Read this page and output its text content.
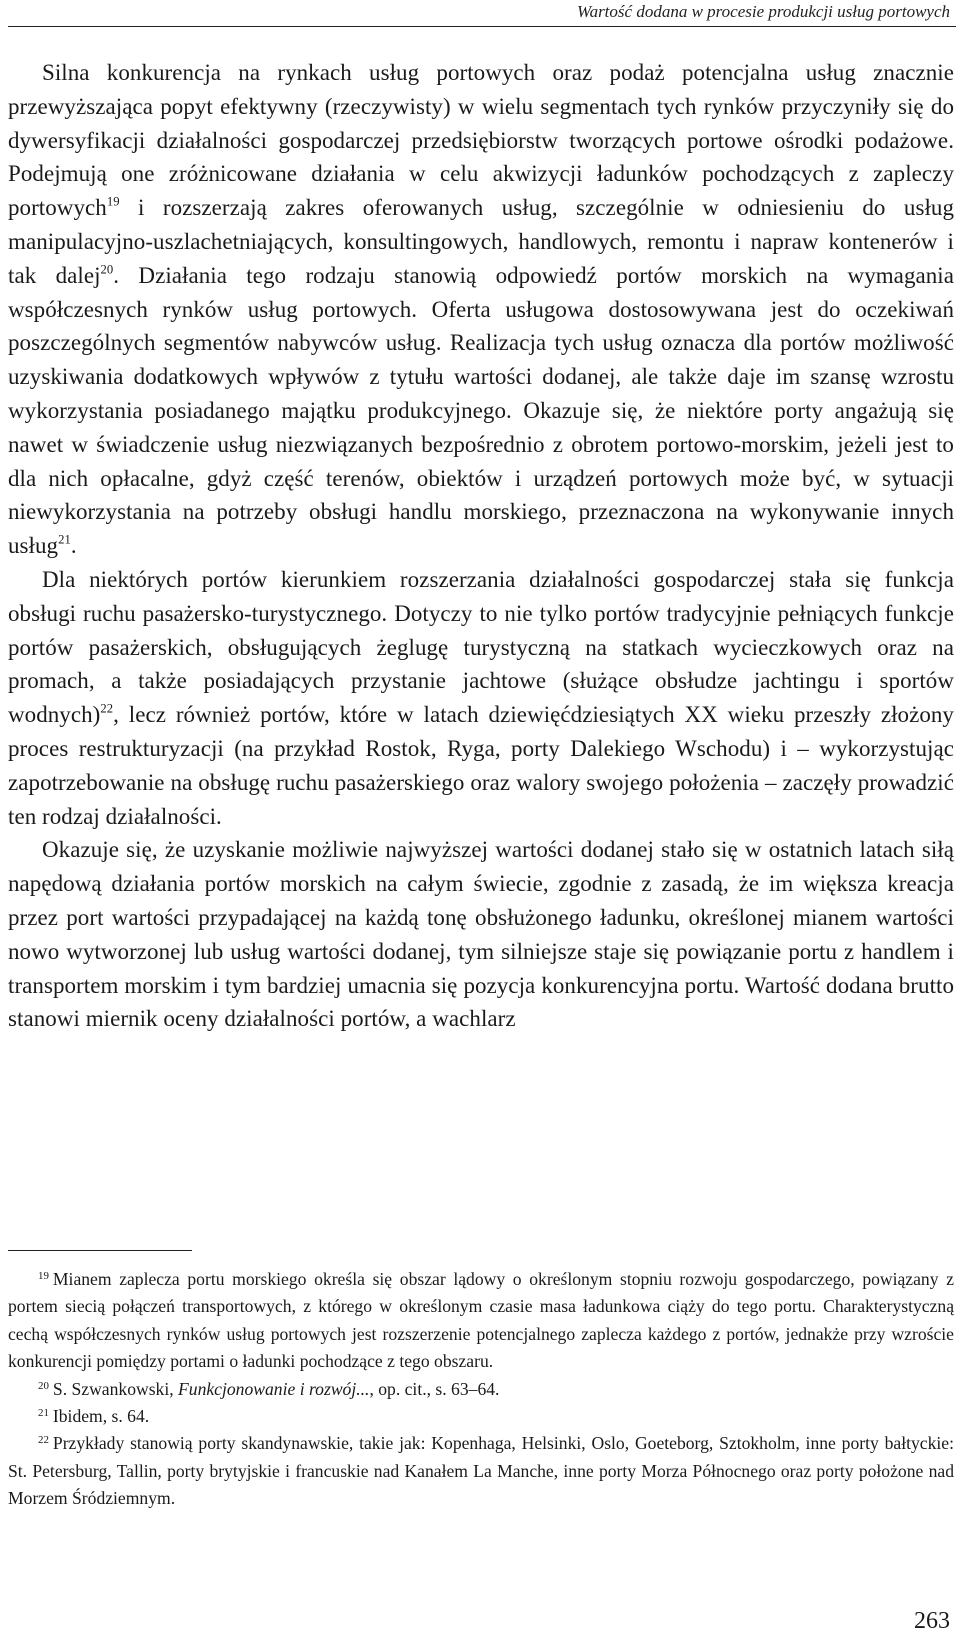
Wartość dodana w procesie produkcji usług portowych

Silna konkurencja na rynkach usług portowych oraz podaż potencjalna usług znacznie przewyższająca popyt efektywny (rzeczywisty) w wielu segmentach tych rynków przyczyniły się do dywersyfikacji działalności gospodarczej przedsiębiorstw tworzących portowe ośrodki podażowe. Podejmują one zróżnicowane działania w celu akwizycji ładunków pochodzących z zapleczy portowych$^{19}$ i rozszerzają zakres oferowanych usług, szczególnie w odniesieniu do usług manipulacyjno-uszlachetniających, konsultingowych, handlowych, remontu i napraw kontenerów i tak dalej$^{20}$. Działania tego rodzaju stanowią odpowiedź portów morskich na wymagania współczesnych rynków usług portowych. Oferta usługowa dostosowywana jest do oczekiwań poszczególnych segmentów nabywców usług. Realizacja tych usług oznacza dla portów możliwość uzyskiwania dodatkowych wpływów z tytułu wartości dodanej, ale także daje im szansę wzrostu wykorzystania posiadanego majątku produkcyjnego. Okazuje się, że niektóre porty angażują się nawet w świadczenie usług niezwiązanych bezpośrednio z obrotem portowo-morskim, jeżeli jest to dla nich opłacalne, gdyż część terenów, obiektów i urządzeń portowych może być, w sytuacji niewykorzystania na potrzeby obsługi handlu morskiego, przeznaczona na wykonywanie innych usług$^{21}$.

Dla niektórych portów kierunkiem rozszerzania działalności gospodarczej stała się funkcja obsługi ruchu pasażersko-turystycznego. Dotyczy to nie tylko portów tradycyjnie pełniących funkcje portów pasażerskich, obsługujących żeglugę turystyczną na statkach wycieczkowych oraz na promach, a także posiadających przystanie jachtowe (służące obsłudze jachtingu i sportów wodnych)$^{22}$, lecz również portów, które w latach dziewięćdziesiątych XX wieku przeszły złożony proces restrukturyzacji (na przykład Rostok, Ryga, porty Dalekiego Wschodu) i – wykorzystując zapotrzebowanie na obsługę ruchu pasażerskiego oraz walory swojego położenia – zaczęły prowadzić ten rodzaj działalności.

Okazuje się, że uzyskanie możliwie najwyższej wartości dodanej stało się w ostatnich latach siłą napędową działania portów morskich na całym świecie, zgodnie z zasadą, że im większa kreacja przez port wartości przypadającej na każdą tonę obsłużonego ładunku, określonej mianem wartości nowo wytworzonej lub usług wartości dodanej, tym silniejsze staje się powiązanie portu z handlem i transportem morskim i tym bardziej umacnia się pozycja konkurencyjna portu. Wartość dodana brutto stanowi miernik oceny działalności portów, a wachlarz

$^{19}$ Mianem zaplecza portu morskiego określa się obszar lądowy o określonym stopniu rozwoju gospodarczego, powiązany z portem siecią połączeń transportowych, z którego w określonym czasie masa ładunkowa ciąży do tego portu. Charakterystyczną cechą współczesnych rynków usług portowych jest rozszerzenie potencjalnego zaplecza każdego z portów, jednakże przy wzroście konkurencji pomiędzy portami o ładunki pochodzące z tego obszaru.

$^{20}$ S. Szwankowski, Funkcjonowanie i rozwój..., op. cit., s. 63–64.

$^{21}$ Ibidem, s. 64.

$^{22}$ Przykłady stanowią porty skandynawskie, takie jak: Kopenhaga, Helsinki, Oslo, Goeteborg, Sztokholm, inne porty bałtyckie: St. Petersburg, Tallin, porty brytyjskie i francuskie nad Kanałem La Manche, inne porty Morza Północnego oraz porty położone nad Morzem Śródziemnym.

263
